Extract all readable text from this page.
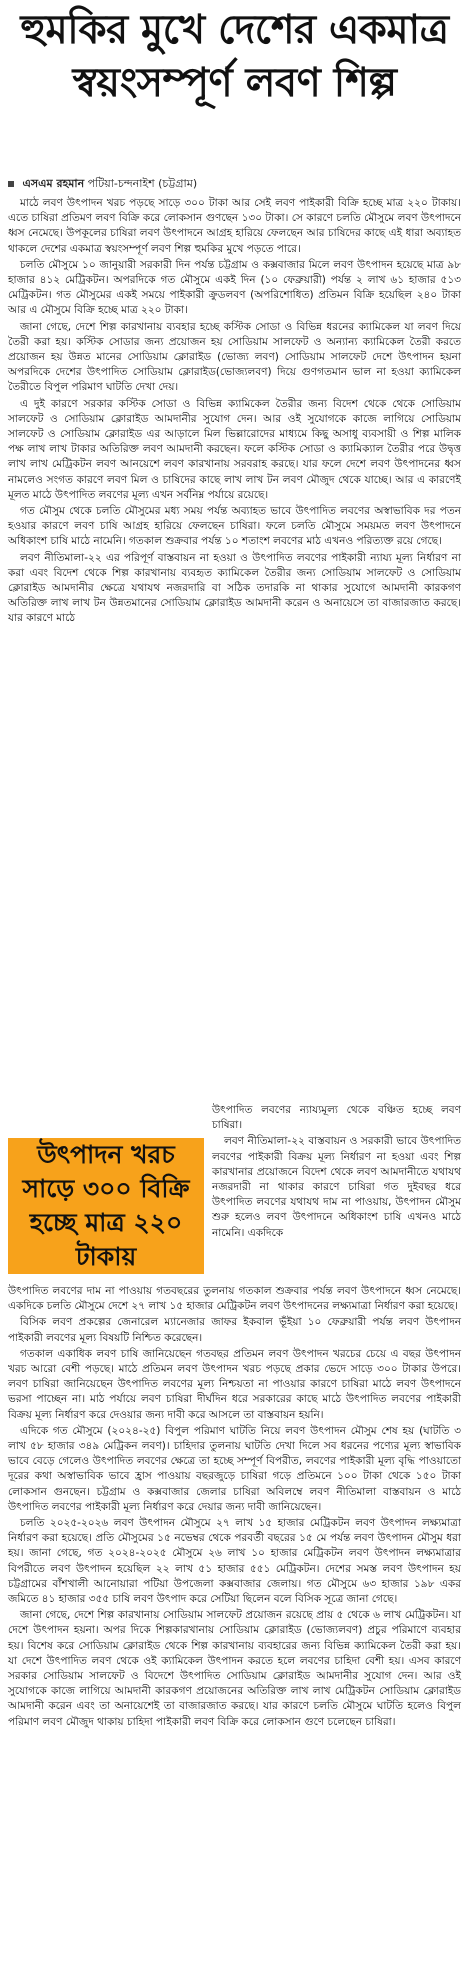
হুমকির মুখে দেশের একমাত্র স্বয়ংসম্পূর্ণ লবণ শিল্প
এসএম রহমান পটিয়া-চন্দনাইশ (চট্টগ্রাম)

মাঠে লবণ উৎপাদন খরচ পড়ছে সাড়ে ৩০০ টাকা আর সেই লবণ পাইকারী বিক্রি হচ্ছে মাত্র ২২০ টাকায়। এতে চাষিরা প্রতিমণ লবণ বিক্রি করে লোকসান গুণছেন ১৩০ টাকা। সে কারণে চলতি মৌসুমে লবণ উৎপাদনে ধ্বস নেমেছে। উপকূলের চাষিরা লবণ উৎপাদনে আগ্রহ হারিয়ে ফেলছেন আর চাষিদের কাছে এই ধারা অব্যাহত থাকলে দেশের একমাত্র স্বয়ংসম্পূর্ণ লবণ শিল্প হুমকির মুখে পড়তে পারে।

চলতি মৌসুমে ১০ জানুয়ারী সরকারী দিন পর্যন্ত চট্টগ্রাম ও কক্সবাজার মিলে লবণ উৎপাদন হয়েছে মাত্র ৯৮ হাজার ৪১২ মেট্রিকটন। অপরদিকে গত মৌসুমে একই দিন (১০ ফেব্রুয়ারী) পর্যন্ত ২ লাখ ৬১ হাজার ৫১৩ মেট্রিকটন। গত মৌসুমের একই সময়ে পাইকারী ক্রুডলবণ (অপরিশোধিত) প্রতিমন বিক্রি হয়েছিল ২৪০ টাকা আর এ মৌসুমে বিক্রি হচ্ছে মাত্র ২২০ টাকা।

জানা গেছে, দেশে শিল্প কারখানায় ব্যবহার হচ্ছে কস্টিক সোডা ও বিভিন্ন ধরনের ক্যামিকেল যা লবণ দিয়ে তৈরী করা হয়। কস্টিক সোডার জন্য প্রয়োজন হয় সোডিয়াম সালফেট ও অন্যান্য ক্যামিকেল তৈরী করতে প্রয়োজন হয় উন্নত মানের সোডিয়াম ক্লোরাইড (ভোজ্য লবণ) সোডিয়াম সালফেট দেশে উৎপাদন হয়না অপরদিকে দেশের উৎপাদিত সোডিয়াম ক্লোরাইড(ভোজ্যলবণ) দিয়ে গুণগতমান ভাল না হওয়া ক্যামিকেল তৈরীতে বিপুল পরিমাণ ঘাটতি দেখা দেয়।

এ দুই কারণে সরকার কস্টিক সোডা ও বিভিন্ন ক্যামিকেল তৈরীর জন্য বিদেশ থেকে থেকে সোডিয়াম সালফেট ও সোডিয়াম ক্লোরাইড আমদানীর সুযোগ দেন। আর ওই সুযোগকে কাজে লাগিয়ে সোডিয়াম সালফেট ও সোডিয়াম ক্লোরাইড এর আড়ালে মিল ভিল্লারোদের মাধ্যমে কিছু অসাধু ব্যবসায়ী ও শিল্প মালিক পক্ষ লাখ লাখ টাকার অতিরিক্ত লবণ আমদানী করছেন। ফলে কস্টিক সোডা ও ক্যামিক্যাল তৈরীর পরে উদ্বৃত্ত লাখ লাখ মেট্রিকটন লবণ আনয়েশে লবণ কারখানায় সরবরাহ করছে। যার ফলে দেশে লবণ উৎপাদনের ধ্বস নামলেও সংগত কারণে লবণ মিল ও চাষিদের কাছে লাখ লাখ টন লবণ মৌজুদ থেকে যাচ্ছে। আর এ কারণেই মূলত মাঠে উৎপাদিত লবণের মূল্য এখন সর্বনিম্ন পর্যায়ে রয়েছে।

গত মৌসুম থেকে চলতি মৌসুমের মধ্য সময় পর্যন্ত অব্যাহত ভাবে উৎপাদিত লবণের অস্বাভাবিক দর পতন হওয়ার কারণে লবণ চাষি আগ্রহ হারিয়ে ফেলছেন চাষিরা। ফলে চলতি মৌসুমে সময়মত লবণ উৎপাদনে অধিকাংশ চাষি মাঠে নামেনি। গতকাল শুক্রবার পর্যন্ত ১০ শতাংশ লবণের মাঠ এখনও পরিত্যক্ত রয়ে গেছে।

লবণ নীতিমালা-২২ এর পরিপূর্ণ বাস্তবায়ন না হওয়া ও উৎপাদিত লবণের পাইকারী ন্যায্য মূল্য নির্ধারণ না করা এবং বিদেশ থেকে শিল্প কারখানায় ব্যবহৃত ক্যামিকেল তৈরীর জন্য সোডিয়াম সালফেট ও সোডিয়াম ক্লোরাইড আমদানীর ক্ষেত্রে যথাযথ নজরদারি বা সঠিক তদারকি না থাকার সুযোগে আমদানী কারকগণ অতিরিক্ত লাখ লাখ টন উন্নতমানের সোডিয়াম ক্লোরাইড আমদানী করেন ও অনায়েসে তা বাজারজাত করছে। যার কারণে মাঠে

উৎপাদন খরচ সাড়ে ৩০০ বিক্রি হচ্ছে মাত্র ২২০ টাকায়

উৎপাদিত লবণের ন্যায্যমূল্য থেকে বঞ্চিত হচ্ছে লবণ চাষিরা।

লবণ নীতিমালা-২২ বাস্তবায়ন ও সরকারী ভাবে উৎপাদিত লবণের পাইকারী বিক্রয় মূল্য নির্ধারণ না হওয়া এবং শিল্প কারখানার প্রয়োজনে বিদেশ থেকে লবণ আমদানীতে যথাযথ নজরদারী না থাকার কারণে চাষিরা গত দুইবছর ধরে উৎপাদিত লবণের যথাযথ দাম না পাওয়ায়, উৎপাদন মৌসুম শুরু হলেও লবণ উৎপাদনে অধিকাংশ চাষি এখনও মাঠে নামেনি। একদিকে

উৎপাদিত লবণের দাম না পাওয়ায় গতবছরের তুলনায় গতকাল শুক্রবার পর্যন্ত লবণ উৎপাদনে ধ্বস নেমেছে। একদিকে চলতি মৌসুমে দেশে ২৭ লাখ ১৫ হাজার মেট্রিকটন লবণ উৎপাদনের লক্ষ্যমাত্রা নির্ধারণ করা হয়েছে।

বিসিক লবণ প্রকল্পের জেনারেল ম্যানেজার জাফর ইকবাল ভূঁইয়া ১০ ফেব্রুয়ারী পর্যন্ত লবণ উৎপাদন পাইকারী লবণের মূল্য বিষয়টি নিশ্চিত করেছেন।

গতকাল একাধিক লবণ চাষি জানিয়েছেন গতবছর প্রতিমন লবণ উৎপাদন খরচের চেয়ে এ বছর উৎপাদন খরচ আরো বেশী পড়ছে। মাঠে প্রতিমন লবণ উৎপাদন খরচ পড়ছে প্রকার ভেদে সাড়ে ৩০০ টাকার উপরে। লবণ চাষিরা জানিয়েছেন উৎপাদিত লবণের মূল্য নিশ্চয়তা না পাওয়ার কারণে চাষিরা মাঠে লবণ উৎপাদনে ভরসা পাচ্ছেন না। মাঠ পর্যায়ে লবণ চাষিরা দীর্ঘদিন ধরে সরকারের কাছে মাঠে উৎপাদিত লবণের পাইকারী বিক্রয় মূল্য নির্ধারণ করে দেওয়ার জন্য দাবী করে আসলে তা বাস্তবায়ন হয়নি।

এদিকে গত মৌসুমে (২০২৪-২৫) বিপুল পরিমাণ ঘাটতি নিয়ে লবণ উৎপাদন মৌসুম শেষ হয় (ঘাটতি ৩ লাখ ৫৮ হাজার ৩৪৯ মেট্রিকন লবণ)। চাহিদার তুলনায় ঘাটতি দেখা দিলে সব ধরনের পণ্যের মূল্য স্বাভাবিক ভাবে বেড়ে গেলেও উৎপাদিত লবণের ক্ষেত্রে তা হচ্ছে সম্পূর্ণ বিপরীত, লবণের পাইকারী মূল্য বৃদ্ধি পাওয়াতো দূরের কথা অস্বাভাবিক ভাবে হ্রাস পাওয়ায় বছরজুড়ে চাষিরা গড়ে প্রতিমনে ১০০ টাকা থেকে ১৫০ টাকা লোকসান গুনছেন। চট্টগ্রাম ও কক্সবাজার জেলার চাষিরা অবিলম্বে লবণ নীতিমালা বাস্তবায়ন ও মাঠে উৎপাদিত লবণের পাইকারী মূল্য নির্ধারণ করে দেয়ার জন্য দাবী জানিয়েছেন।

চলতি ২০২৫-২০২৬ লবণ উৎপাদন মৌসুমে ২৭ লাখ ১৫ হাজার মেট্রিকটন লবণ উৎপাদন লক্ষ্যমাত্রা নির্ধারণ করা হয়েছে। প্রতি মৌসুমের ১৫ নভেম্বর থেকে পরবর্তী বছরের ১৫ মে পর্যন্ত লবণ উৎপাদন মৌসুম ধরা হয়। জানা গেছে, গত ২০২৪-২০২৫ মৌসুমে ২৬ লাখ ১০ হাজার মেট্রিকটন লবণ উৎপাদন লক্ষ্যমাত্রার বিপরীতে লবণ উৎপাদন হয়েছিল ২২ লাখ ৫১ হাজার ৫৫১ মেট্রিকটন। দেশের সমস্ত লবণ উৎপাদন হয় চট্টগ্রামের বাঁশখালী আনোয়ারা পটিয়া উপজেলা কক্সবাজার জেলায়। গত মৌসুমে ৬৩ হাজার ১৯৮ একর জমিতে ৪১ হাজার ৩৫৫ চাষি লবণ উৎপাদ করে সেটিয়া ছিলেন বলে বিসিক সূত্রে জানা গেছে।

জানা গেছে, দেশে শিল্প কারখানায় সোডিয়াম সালফেট প্রয়োজন রয়েছে প্রায় ৫ থেকে ৬ লাখ মেট্রিকটন। যা দেশে উৎপাদন হয়না। অপর দিকে শিল্পকারখানায় সোডিয়াম ক্লোরাইড (ভোজ্যলবণ) প্রচুর পরিমাণে ব্যবহার হয়। বিশেষ করে সোডিয়াম ক্লোরাইড থেকে শিল্প কারখানায় ব্যবহারের জন্য বিভিন্ন ক্যামিকেল তৈরী করা হয়। যা দেশে উৎপাদিত লবণ থেকে ওই ক্যামিকেল উৎপাদন করতে হলে লবণের চাহিদা বেশী হয়। এসব কারণে সরকার সোডিয়াম সালফেট ও বিদেশে উৎপাদিত সোডিয়াম ক্লোরাইড আমদানীর সুযোগ দেন। আর ওই সুযোগকে কাজে লাগিয়ে আমদানী কারকগণ প্রয়োজনের অতিরিক্ত লাখ লাখ মেট্রিকটন সোডিয়াম ক্লোরাইড আমদানী করেন এবং তা অনায়েশেই তা বাজারজাত করছে। যার কারণে চলতি মৌসুমে ঘাটতি হলেও বিপুল পরিমাণ লবণ মৌজুদ থাকায় চাহিদা পাইকারী লবণ বিক্রি করে লোকসান গুণে চলেছেন চাষিরা।
